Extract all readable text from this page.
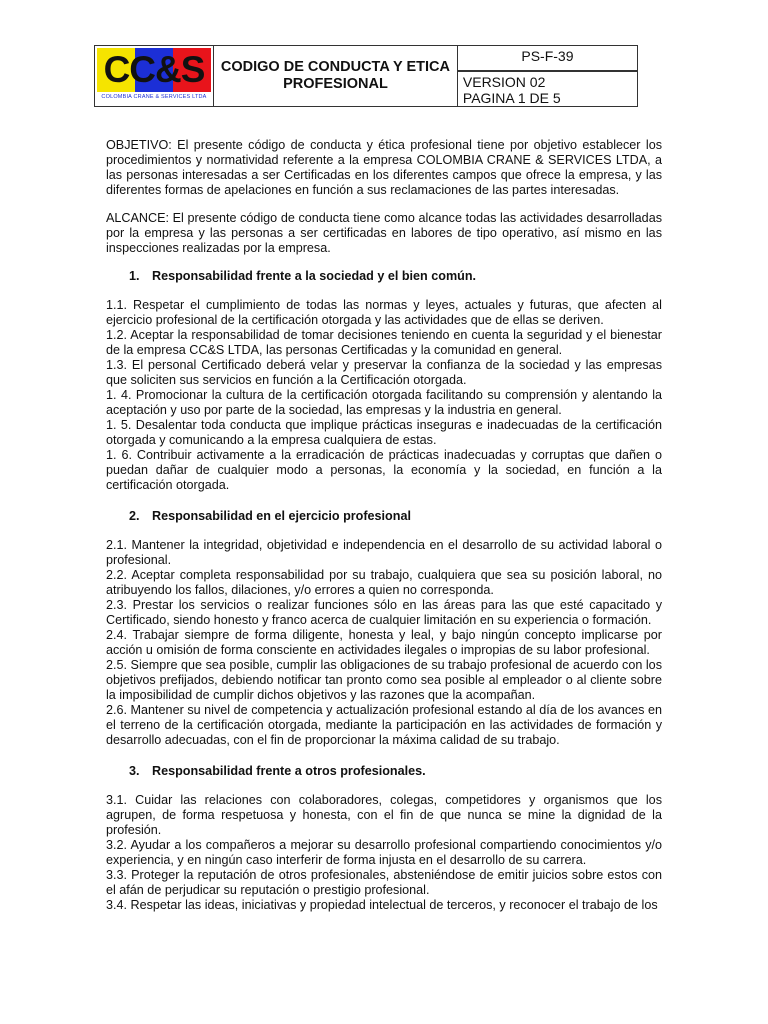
CC&S
COLOMBIA CRANE & SERVICES LTDA

CODIGO DE CONDUCTA Y ETICA
PROFESIONAL

PS-F-39

VERSION 02
PAGINA 1 DE 5

OBJETIVO: El presente código de conducta y ética profesional tiene por objetivo establecer los procedimientos y normatividad referente a la empresa COLOMBIA CRANE & SERVICES LTDA, a las personas interesadas a ser Certificadas en los diferentes campos que ofrece la empresa, y las diferentes formas de apelaciones en función a sus reclamaciones de las partes interesadas.

ALCANCE: El presente código de conducta tiene como alcance todas las actividades desarrolladas por la empresa y las personas a ser certificadas en labores de tipo operativo, así mismo en las inspecciones realizadas por la empresa.

1. Responsabilidad frente a la sociedad y el bien común.

1.1. Respetar el cumplimiento de todas las normas y leyes, actuales y futuras, que afecten al ejercicio profesional de la certificación otorgada y las actividades que de ellas se deriven.

1.2. Aceptar la responsabilidad de tomar decisiones teniendo en cuenta la seguridad y el bienestar de la empresa CC&S LTDA, las personas Certificadas y la comunidad en general.

1.3. El personal Certificado deberá velar y preservar la confianza de la sociedad y las empresas que soliciten sus servicios en función a la Certificación otorgada.

1. 4. Promocionar la cultura de la certificación otorgada facilitando su comprensión y alentando la aceptación y uso por parte de la sociedad, las empresas y la industria en general.

1. 5. Desalentar toda conducta que implique prácticas inseguras e inadecuadas de la certificación otorgada y comunicando a la empresa cualquiera de estas.

1. 6. Contribuir activamente a la erradicación de prácticas inadecuadas y corruptas que dañen o puedan dañar de cualquier modo a personas, la economía y la sociedad, en función a la certificación otorgada.

2. Responsabilidad en el ejercicio profesional

2.1. Mantener la integridad, objetividad e independencia en el desarrollo de su actividad laboral o profesional.

2.2. Aceptar completa responsabilidad por su trabajo, cualquiera que sea su posición laboral, no atribuyendo los fallos, dilaciones, y/o errores a quien no corresponda.

2.3. Prestar los servicios o realizar funciones sólo en las áreas para las que esté capacitado y Certificado, siendo honesto y franco acerca de cualquier limitación en su experiencia o formación.

2.4. Trabajar siempre de forma diligente, honesta y leal, y bajo ningún concepto implicarse por acción u omisión de forma consciente en actividades ilegales o impropias de su labor profesional.

2.5. Siempre que sea posible, cumplir las obligaciones de su trabajo profesional de acuerdo con los objetivos prefijados, debiendo notificar tan pronto como sea posible al empleador o al cliente sobre la imposibilidad de cumplir dichos objetivos y las razones que la acompañan.

2.6. Mantener su nivel de competencia y actualización profesional estando al día de los avances en el terreno de la certificación otorgada, mediante la participación en las actividades de formación y desarrollo adecuadas, con el fin de proporcionar la máxima calidad de su trabajo.

3. Responsabilidad frente a otros profesionales.

3.1. Cuidar las relaciones con colaboradores, colegas, competidores y organismos que los agrupen, de forma respetuosa y honesta, con el fin de que nunca se mine la dignidad de la profesión.

3.2. Ayudar a los compañeros a mejorar su desarrollo profesional compartiendo conocimientos y/o experiencia, y en ningún caso interferir de forma injusta en el desarrollo de su carrera.

3.3. Proteger la reputación de otros profesionales, absteniéndose de emitir juicios sobre estos con el afán de perjudicar su reputación o prestigio profesional.

3.4. Respetar las ideas, iniciativas y propiedad intelectual de terceros, y reconocer el trabajo de los
